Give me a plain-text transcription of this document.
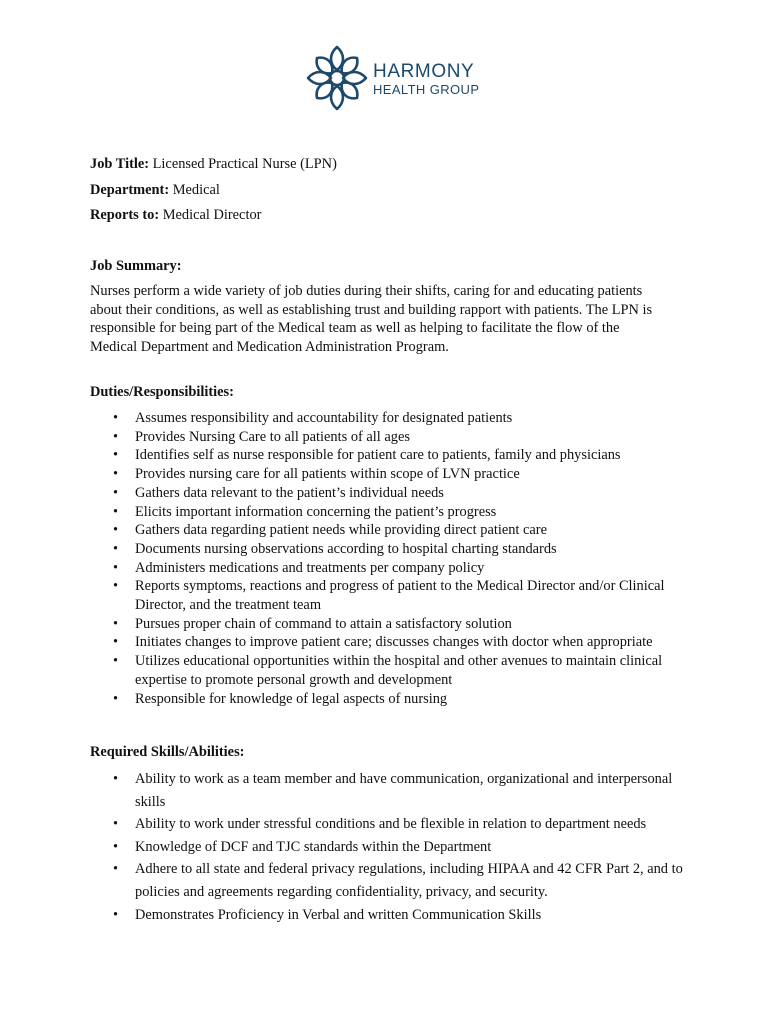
HARMONY
HEALTH GROUP
Job Title: Licensed Practical Nurse (LPN)
Department: Medical
Reports to: Medical Director
Job Summary:
Nurses perform a wide variety of job duties during their shifts, caring for and educating patients about their conditions, as well as establishing trust and building rapport with patients. The LPN is responsible for being part of the Medical team as well as helping to facilitate the flow of the Medical Department and Medication Administration Program.
Duties/Responsibilities:
• Assumes responsibility and accountability for designated patients
• Provides Nursing Care to all patients of all ages
• Identifies self as nurse responsible for patient care to patients, family and physicians
• Provides nursing care for all patients within scope of LVN practice
• Gathers data relevant to the patient’s individual needs
• Elicits important information concerning the patient’s progress
• Gathers data regarding patient needs while providing direct patient care
• Documents nursing observations according to hospital charting standards
• Administers medications and treatments per company policy
• Reports symptoms, reactions and progress of patient to the Medical Director and/or Clinical Director, and the treatment team
• Pursues proper chain of command to attain a satisfactory solution
• Initiates changes to improve patient care; discusses changes with doctor when appropriate
• Utilizes educational opportunities within the hospital and other avenues to maintain clinical expertise to promote personal growth and development
• Responsible for knowledge of legal aspects of nursing
Required Skills/Abilities:
• Ability to work as a team member and have communication, organizational and interpersonal skills
• Ability to work under stressful conditions and be flexible in relation to department needs
• Knowledge of DCF and TJC standards within the Department
• Adhere to all state and federal privacy regulations, including HIPAA and 42 CFR Part 2, and to policies and agreements regarding confidentiality, privacy, and security.
• Demonstrates Proficiency in Verbal and written Communication Skills
